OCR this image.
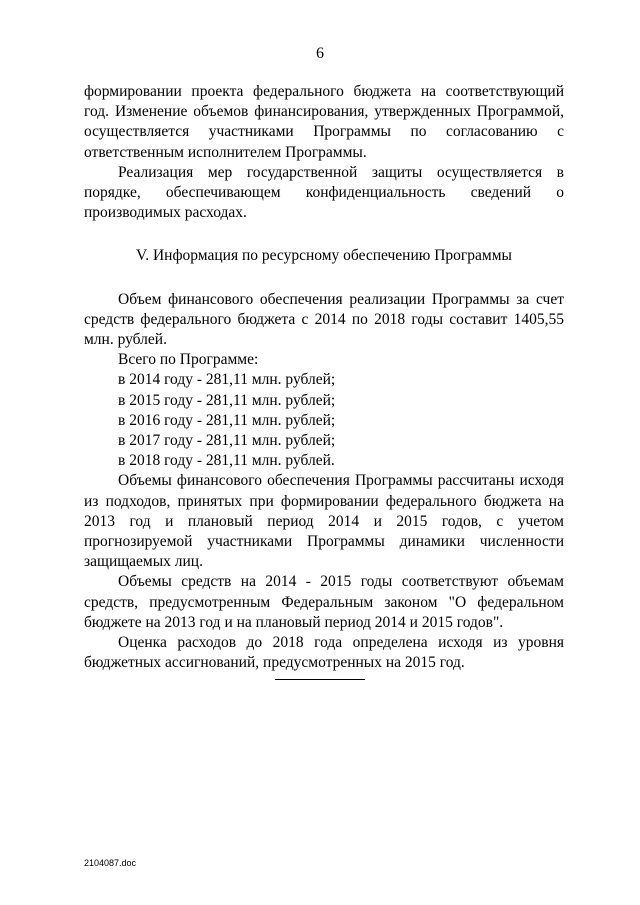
6

формировании проекта федерального бюджета на соответствующий год. Изменение объемов финансирования, утвержденных Программой, осуществляется участниками Программы по согласованию с ответственным исполнителем Программы.

Реализация мер государственной защиты осуществляется в порядке, обеспечивающем конфиденциальность сведений о производимых расходах.

V. Информация по ресурсному обеспечению Программы

Объем финансового обеспечения реализации Программы за счет средств федерального бюджета с 2014 по 2018 годы составит 1405,55 млн. рублей.

Всего по Программе:

в 2014 году - 281,11 млн. рублей;
в 2015 году - 281,11 млн. рублей;
в 2016 году - 281,11 млн. рублей;
в 2017 году - 281,11 млн. рублей;
в 2018 году - 281,11 млн. рублей.

Объемы финансового обеспечения Программы рассчитаны исходя из подходов, принятых при формировании федерального бюджета на 2013 год и плановый период 2014 и 2015 годов, с учетом прогнозируемой участниками Программы динамики численности защищаемых лиц.

Объемы средств на 2014 - 2015 годы соответствуют объемам средств, предусмотренным Федеральным законом "О федеральном бюджете на 2013 год и на плановый период 2014 и 2015 годов".

Оценка расходов до 2018 года определена исходя из уровня бюджетных ассигнований, предусмотренных на 2015 год.

2104087.doc
